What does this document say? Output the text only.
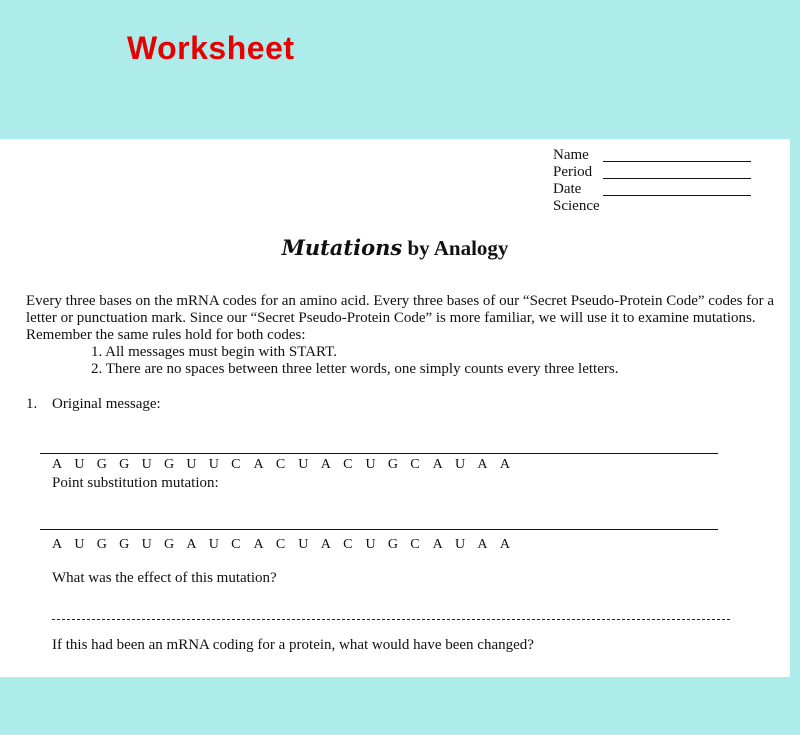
Worksheet
Name
Period
Date
Science
Mutations by Analogy
Every three bases on the mRNA codes for an amino acid. Every three bases of our “Secret Pseudo-Protein Code” codes for a letter or punctuation mark. Since our “Secret Pseudo-Protein Code” is more familiar, we will use it to examine mutations. Remember the same rules hold for both codes:
1. All messages must begin with START.
2. There are no spaces between three letter words, one simply counts every three letters.
1. Original message:
A U G G U G U U C A C U A C U G C A U A A
Point substitution mutation:
A U G G U G A U C A C U A C U G C A U A A
What was the effect of this mutation?
If this had been an mRNA coding for a protein, what would have been changed?
